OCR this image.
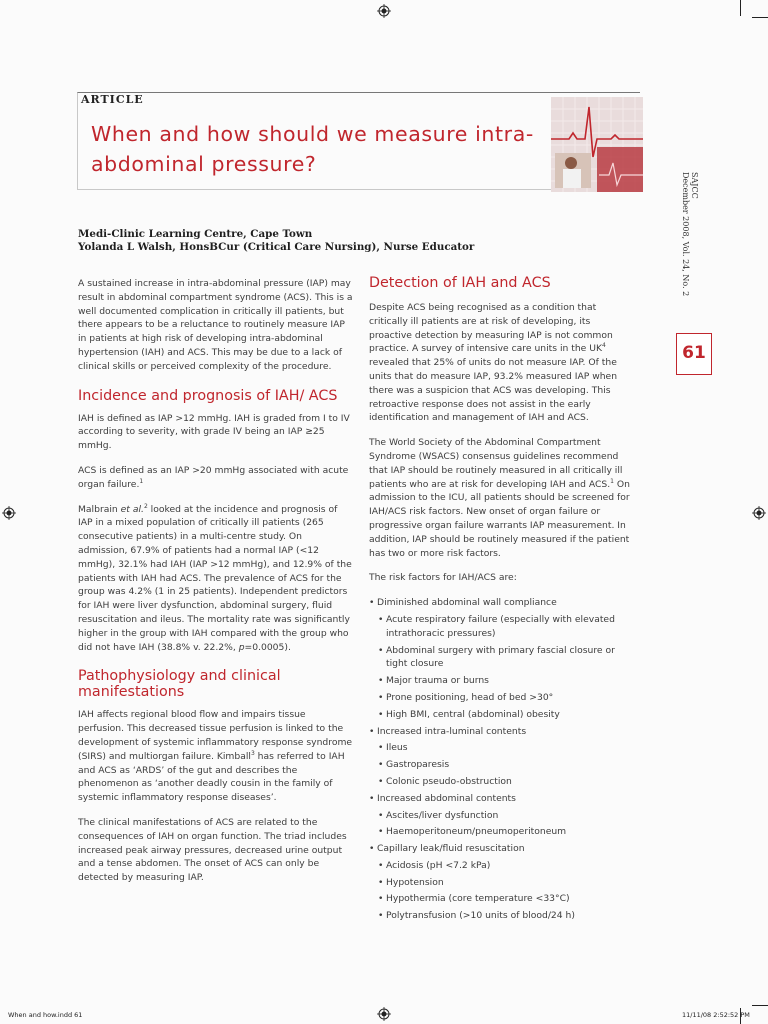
ARTICLE
When and how should we measure intra-abdominal pressure?
SAJCC
December 2008, Vol. 24, No. 2
61
Medi-Clinic Learning Centre, Cape Town
Yolanda L Walsh, HonsBCur (Critical Care Nursing), Nurse Educator

A sustained increase in intra-abdominal pressure (IAP) may result in abdominal compartment syndrome (ACS). This is a well documented complication in critically ill patients, but there appears to be a reluctance to routinely measure IAP in patients at high risk of developing intra-abdominal hypertension (IAH) and ACS. This may be due to a lack of clinical skills or perceived complexity of the procedure.

Incidence and prognosis of IAH/ ACS

IAH is defined as IAP >12 mmHg. IAH is graded from I to IV according to severity, with grade IV being an IAP ≥25 mmHg.

ACS is defined as an IAP >20 mmHg associated with acute organ failure.$^1$

Malbrain et al.$^2$ looked at the incidence and prognosis of IAP in a mixed population of critically ill patients (265 consecutive patients) in a multi-centre study. On admission, 67.9% of patients had a normal IAP (<12 mmHg), 32.1% had IAH (IAP >12 mmHg), and 12.9% of the patients with IAH had ACS. The prevalence of ACS for the group was 4.2% (1 in 25 patients). Independent predictors for IAH were liver dysfunction, abdominal surgery, fluid resuscitation and ileus. The mortality rate was significantly higher in the group with IAH compared with the group who did not have IAH (38.8% v. 22.2%, p=0.0005).

Pathophysiology and clinical manifestations

IAH affects regional blood flow and impairs tissue perfusion. This decreased tissue perfusion is linked to the development of systemic inflammatory response syndrome (SIRS) and multiorgan failure. Kimball$^3$ has referred to IAH and ACS as ‘ARDS’ of the gut and describes the phenomenon as ‘another deadly cousin in the family of systemic inflammatory response diseases’.

The clinical manifestations of ACS are related to the consequences of IAH on organ function. The triad includes increased peak airway pressures, decreased urine output and a tense abdomen. The onset of ACS can only be detected by measuring IAP.

Detection of IAH and ACS

Despite ACS being recognised as a condition that critically ill patients are at risk of developing, its proactive detection by measuring IAP is not common practice. A survey of intensive care units in the $UK^4$ revealed that 25% of units do not measure IAP. Of the units that do measure IAP, 93.2% measured IAP when there was a suspicion that ACS was developing. This retroactive response does not assist in the early identification and management of IAH and ACS.

The World Society of the Abdominal Compartment Syndrome (WSACS) consensus guidelines recommend that IAP should be routinely measured in all critically ill patients who are at risk for developing IAH and ACS.$^1$ On admission to the ICU, all patients should be screened for IAH/ACS risk factors. New onset of organ failure or progressive organ failure warrants IAP measurement. In addition, IAP should be routinely measured if the patient has two or more risk factors.

The risk factors for IAH/ACS are:

• Diminished abdominal wall compliance
• Acute respiratory failure (especially with elevated intrathoracic pressures)
• Abdominal surgery with primary fascial closure or tight closure
• Major trauma or burns
• Prone positioning, head of bed >30°
• High BMI, central (abdominal) obesity
• Increased intra-luminal contents
• Ileus
• Gastroparesis
• Colonic pseudo-obstruction
• Increased abdominal contents
• Ascites/liver dysfunction
• Haemoperitoneum/pneumoperitoneum
• Capillary leak/fluid resuscitation
• Acidosis (pH <7.2 kPa)
• Hypotension
• Hypothermia (core temperature <33°C)
• Polytransfusion (>10 units of blood/24 h)
When and how.indd 61	11/11/08 2:52:52 PM
